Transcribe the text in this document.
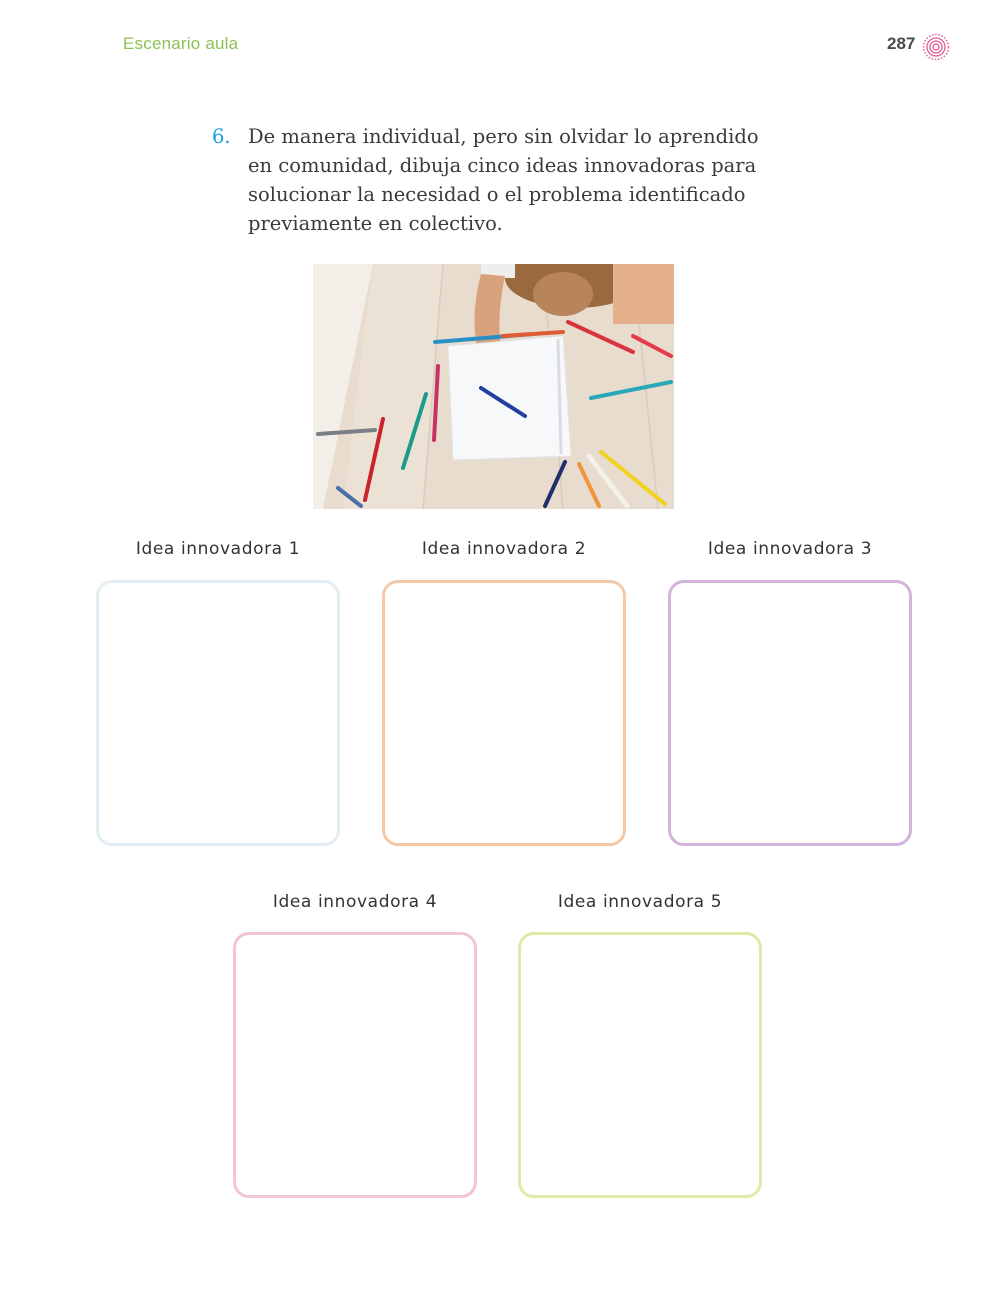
Escenario aula	287
6. De manera individual, pero sin olvidar lo aprendido en comunidad, dibuja cinco ideas innovadoras para solucionar la necesidad o el problema identificado previamente en colectivo.
Idea innovadora 1	Idea innovadora 2	Idea innovadora 3
Idea innovadora 4	Idea innovadora 5
